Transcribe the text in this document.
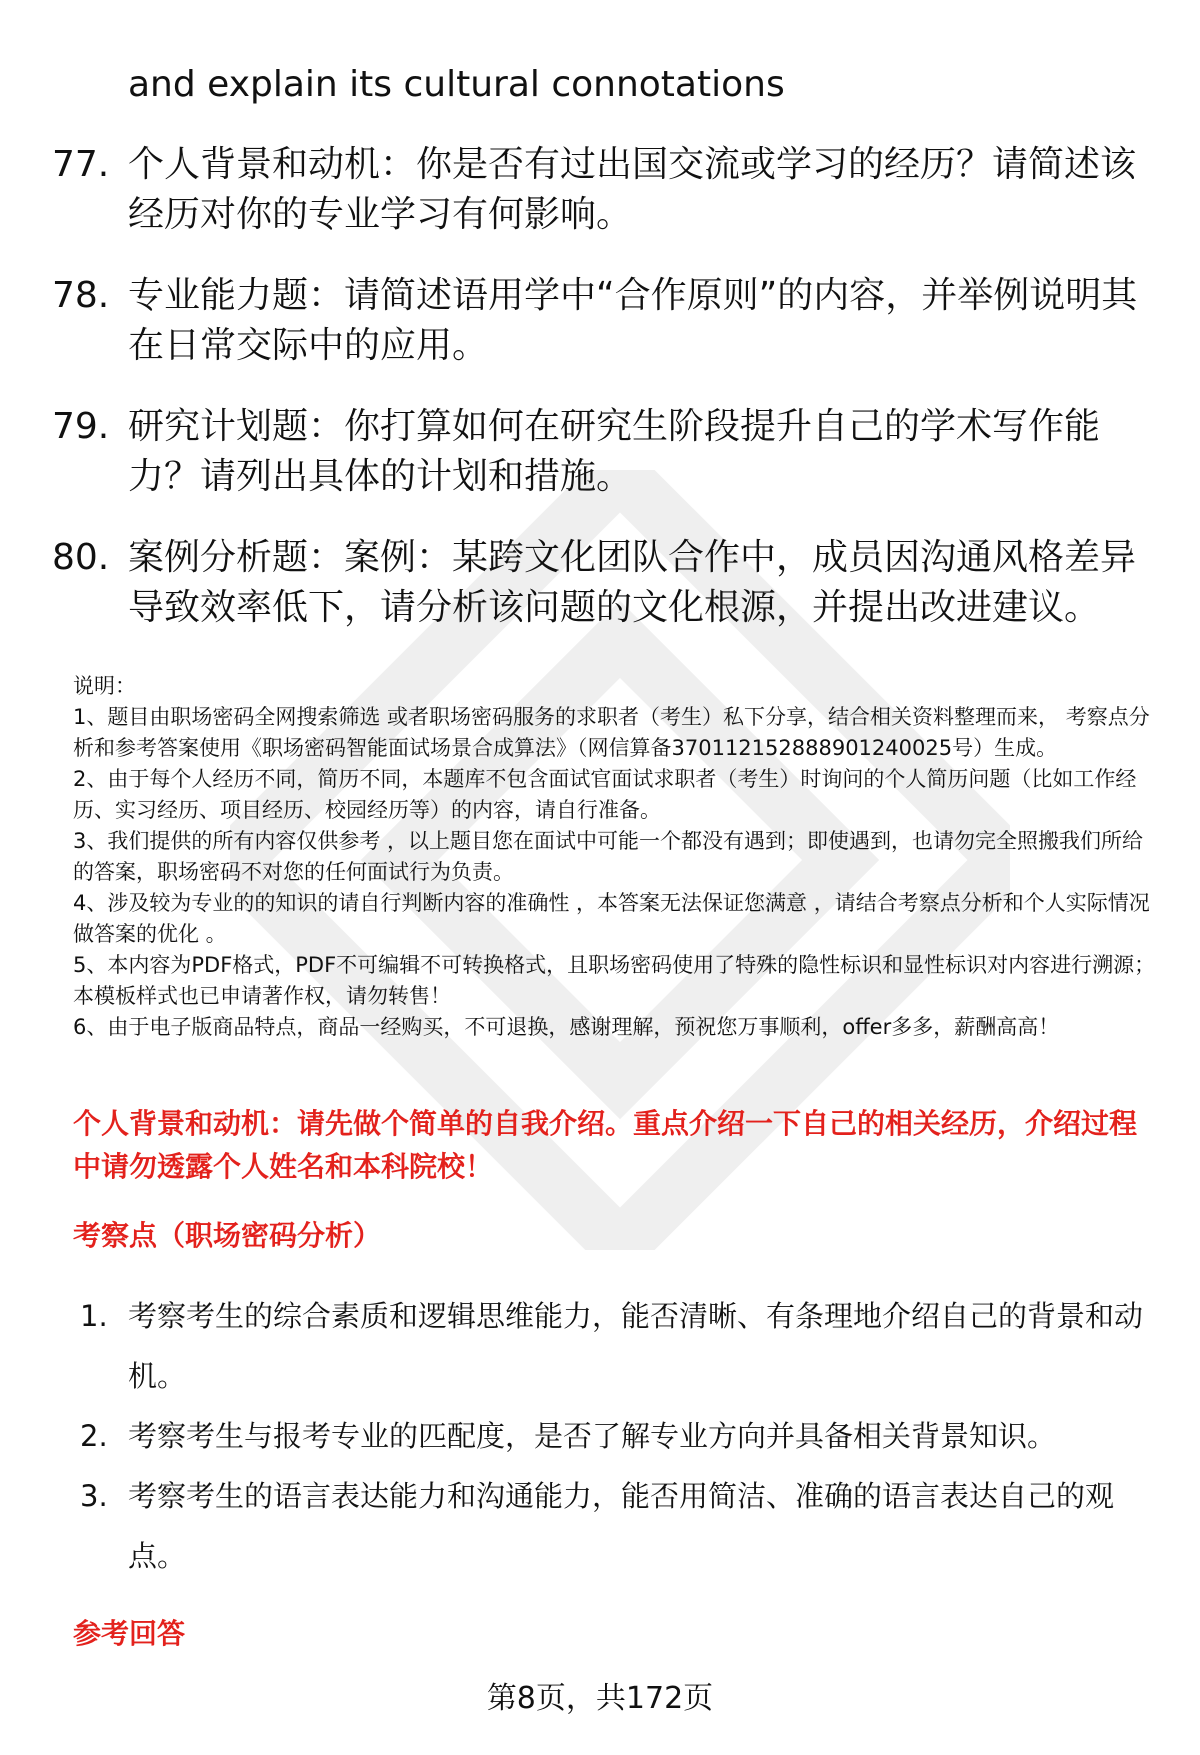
and explain its cultural connotations
77. 个人背景和动机：你是否有过出国交流或学习的经历？请简述该经历对你的专业学习有何影响。
78. 专业能力题：请简述语用学中“合作原则”的内容，并举例说明其在日常交际中的应用。
79. 研究计划题：你打算如何在研究生阶段提升自己的学术写作能力？请列出具体的计划和措施。
80. 案例分析题：案例：某跨文化团队合作中，成员因沟通风格差异导致效率低下，请分析该问题的文化根源，并提出改进建议。

说明：

1、题目由职场密码全网搜索筛选 或者职场密码服务的求职者（考生）私下分享，结合相关资料整理而来， 考察点分析和参考答案使用《职场密码智能面试场景合成算法》（网信算备370112152888901240025号）生成。

2、由于每个人经历不同，简历不同，本题库不包含面试官面试求职者（考生）时询问的个人简历问题（比如工作经历、实习经历、项目经历、校园经历等）的内容，请自行准备。

3、我们提供的所有内容仅供参考 ，以上题目您在面试中可能一个都没有遇到；即使遇到，也请勿完全照搬我们所给的答案，职场密码不对您的任何面试行为负责。

4、涉及较为专业的的知识的请自行判断内容的准确性 ，本答案无法保证您满意 ，请结合考察点分析和个人实际情况做答案的优化 。

5、本内容为PDF格式，PDF不可编辑不可转换格式，且职场密码使用了特殊的隐性标识和显性标识对内容进行溯源；本模板样式也已申请著作权，请勿转售！

6、由于电子版商品特点，商品一经购买，不可退换，感谢理解，预祝您万事顺利，offer多多，薪酬高高！

个人背景和动机：请先做个简单的自我介绍。重点介绍一下自己的相关经历，介绍过程中请勿透露个人姓名和本科院校！
考察点（职场密码分析）
1. 考察考生的综合素质和逻辑思维能力，能否清晰、有条理地介绍自己的背景和动机。
2. 考察考生与报考专业的匹配度，是否了解专业方向并具备相关背景知识。
3. 考察考生的语言表达能力和沟通能力，能否用简洁、准确的语言表达自己的观点。
参考回答
第8页，共172页
